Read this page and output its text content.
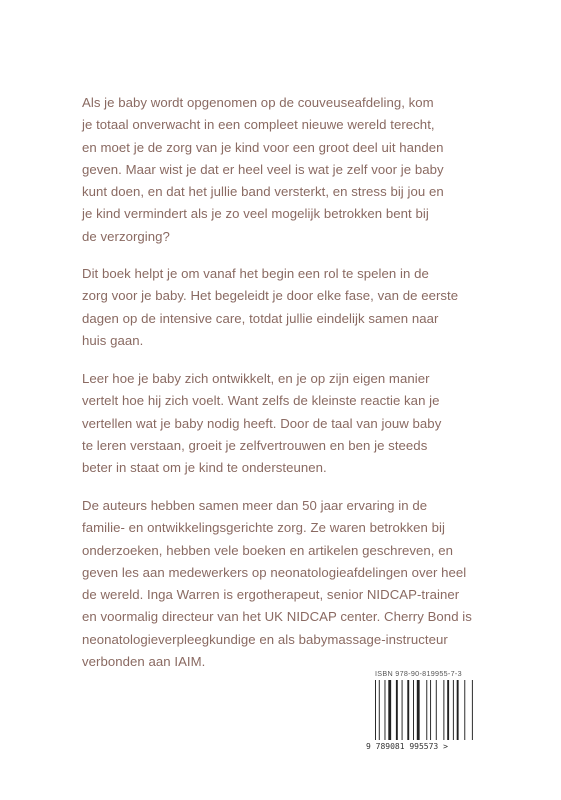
Als je baby wordt opgenomen op de couveuseafdeling, kom
je totaal onverwacht in een compleet nieuwe wereld terecht,
en moet je de zorg van je kind voor een groot deel uit handen
geven. Maar wist je dat er heel veel is wat je zelf voor je baby
kunt doen, en dat het jullie band versterkt, en stress bij jou en
je kind vermindert als je zo veel mogelijk betrokken bent bij
de verzorging?
Dit boek helpt je om vanaf het begin een rol te spelen in de
zorg voor je baby. Het begeleidt je door elke fase, van de eerste
dagen op de intensive care, totdat jullie eindelijk samen naar
huis gaan.
Leer hoe je baby zich ontwikkelt, en je op zijn eigen manier
vertelt hoe hij zich voelt. Want zelfs de kleinste reactie kan je
vertellen wat je baby nodig heeft. Door de taal van jouw baby
te leren verstaan, groeit je zelfvertrouwen en ben je steeds
beter in staat om je kind te ondersteunen.
De auteurs hebben samen meer dan 50 jaar ervaring in de
familie- en ontwikkelingsgerichte zorg. Ze waren betrokken bij
onderzoeken, hebben vele boeken en artikelen geschreven, en
geven les aan medewerkers op neonatologieafdelingen over heel
de wereld. Inga Warren is ergotherapeut, senior NIDCAP-trainer
en voormalig directeur van het UK NIDCAP center. Cherry Bond is
neonatologieverpleegkundige en als babymassage-instructeur
verbonden aan IAIM.
ISBN 978-90-819955-7-3
9 789081 995573 >
